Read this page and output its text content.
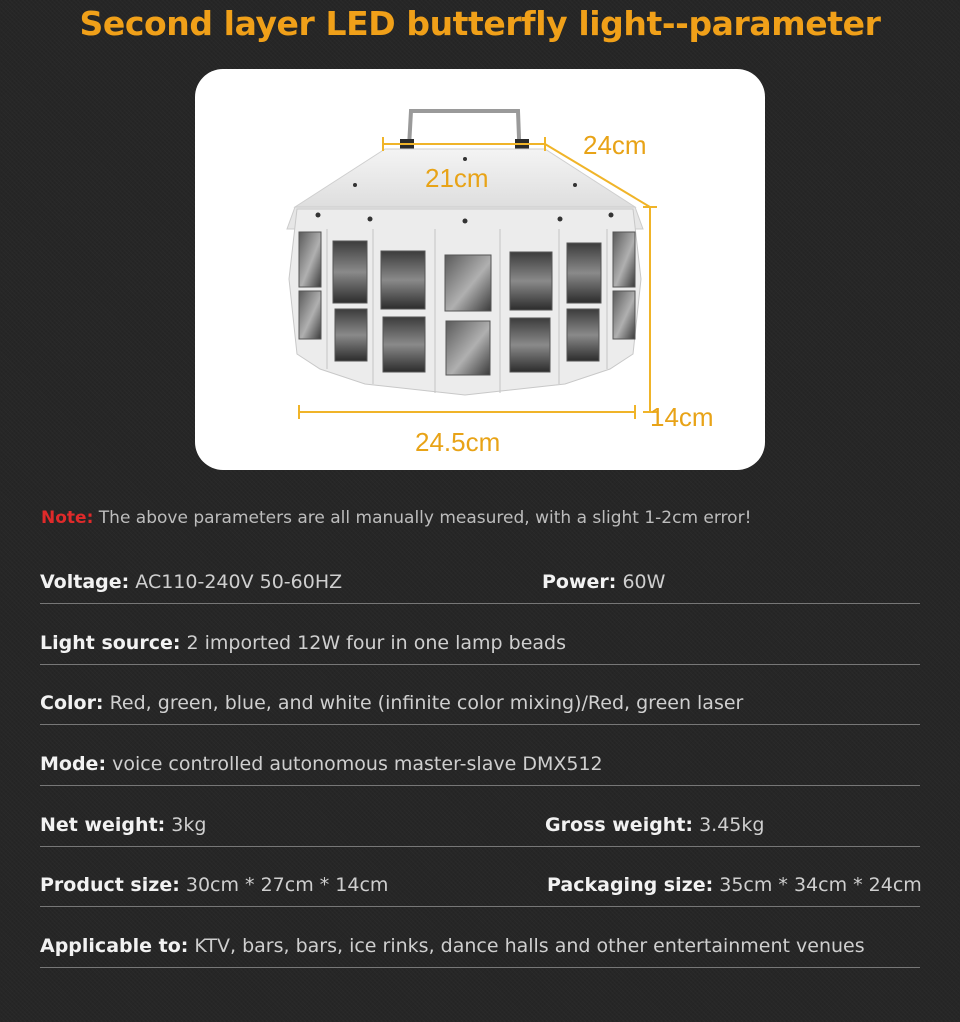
Second layer LED butterfly light--parameter
21cm
24cm
14cm
24.5cm
Note: The above parameters are all manually measured, with a slight 1-2cm error!
Voltage: AC110-240V 50-60HZ	Power: 60W
Light source: 2 imported 12W four in one lamp beads
Color: Red, green, blue, and white (infinite color mixing)/Red, green laser
Mode: voice controlled autonomous master-slave DMX512
Net weight: 3kg	Gross weight: 3.45kg
Product size: 30cm * 27cm * 14cm	Packaging size: 35cm * 34cm * 24cm
Applicable to: KTV, bars, bars, ice rinks, dance halls and other entertainment venues
